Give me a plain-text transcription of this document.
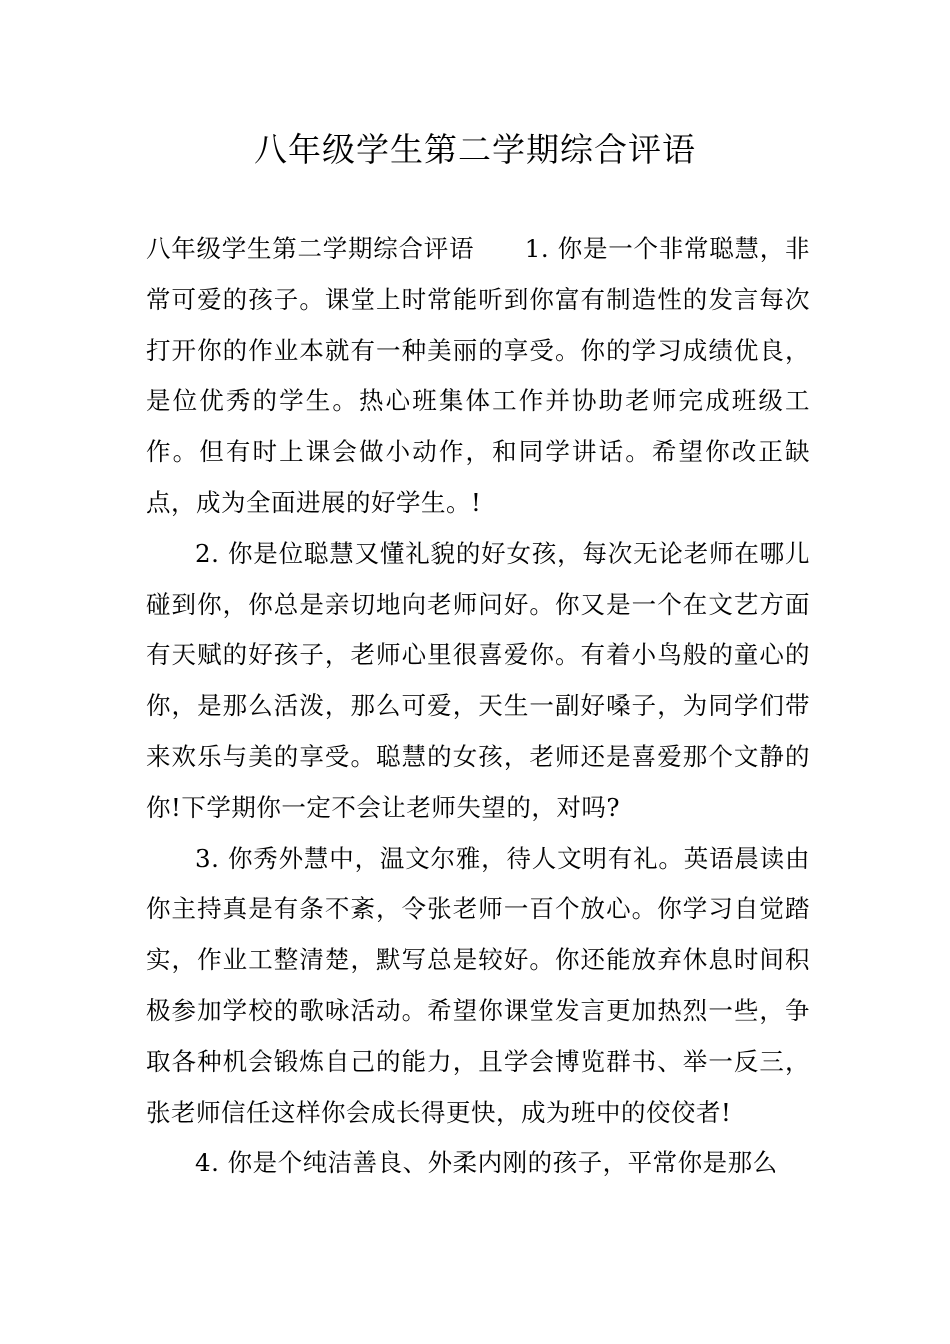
八年级学生第二学期综合评语

八年级学生第二学期综合评语　　1. 你是一个非常聪慧，非常可爱的孩子。课堂上时常能听到你富有制造性的发言每次打开你的作业本就有一种美丽的享受。你的学习成绩优良，是位优秀的学生。热心班集体工作并协助老师完成班级工作。但有时上课会做小动作，和同学讲话。希望你改正缺点，成为全面进展的好学生。!

2. 你是位聪慧又懂礼貌的好女孩，每次无论老师在哪儿碰到你，你总是亲切地向老师问好。你又是一个在文艺方面有天赋的好孩子，老师心里很喜爱你。有着小鸟般的童心的你，是那么活泼，那么可爱，天生一副好嗓子，为同学们带来欢乐与美的享受。聪慧的女孩，老师还是喜爱那个文静的你!下学期你一定不会让老师失望的，对吗?

3. 你秀外慧中，温文尔雅，待人文明有礼。英语晨读由你主持真是有条不紊，令张老师一百个放心。你学习自觉踏实，作业工整清楚，默写总是较好。你还能放弃休息时间积极参加学校的歌咏活动。希望你课堂发言更加热烈一些，争取各种机会锻炼自己的能力，且学会博览群书、举一反三，张老师信任这样你会成长得更快，成为班中的佼佼者!

4. 你是个纯洁善良、外柔内刚的孩子，平常你是那么
